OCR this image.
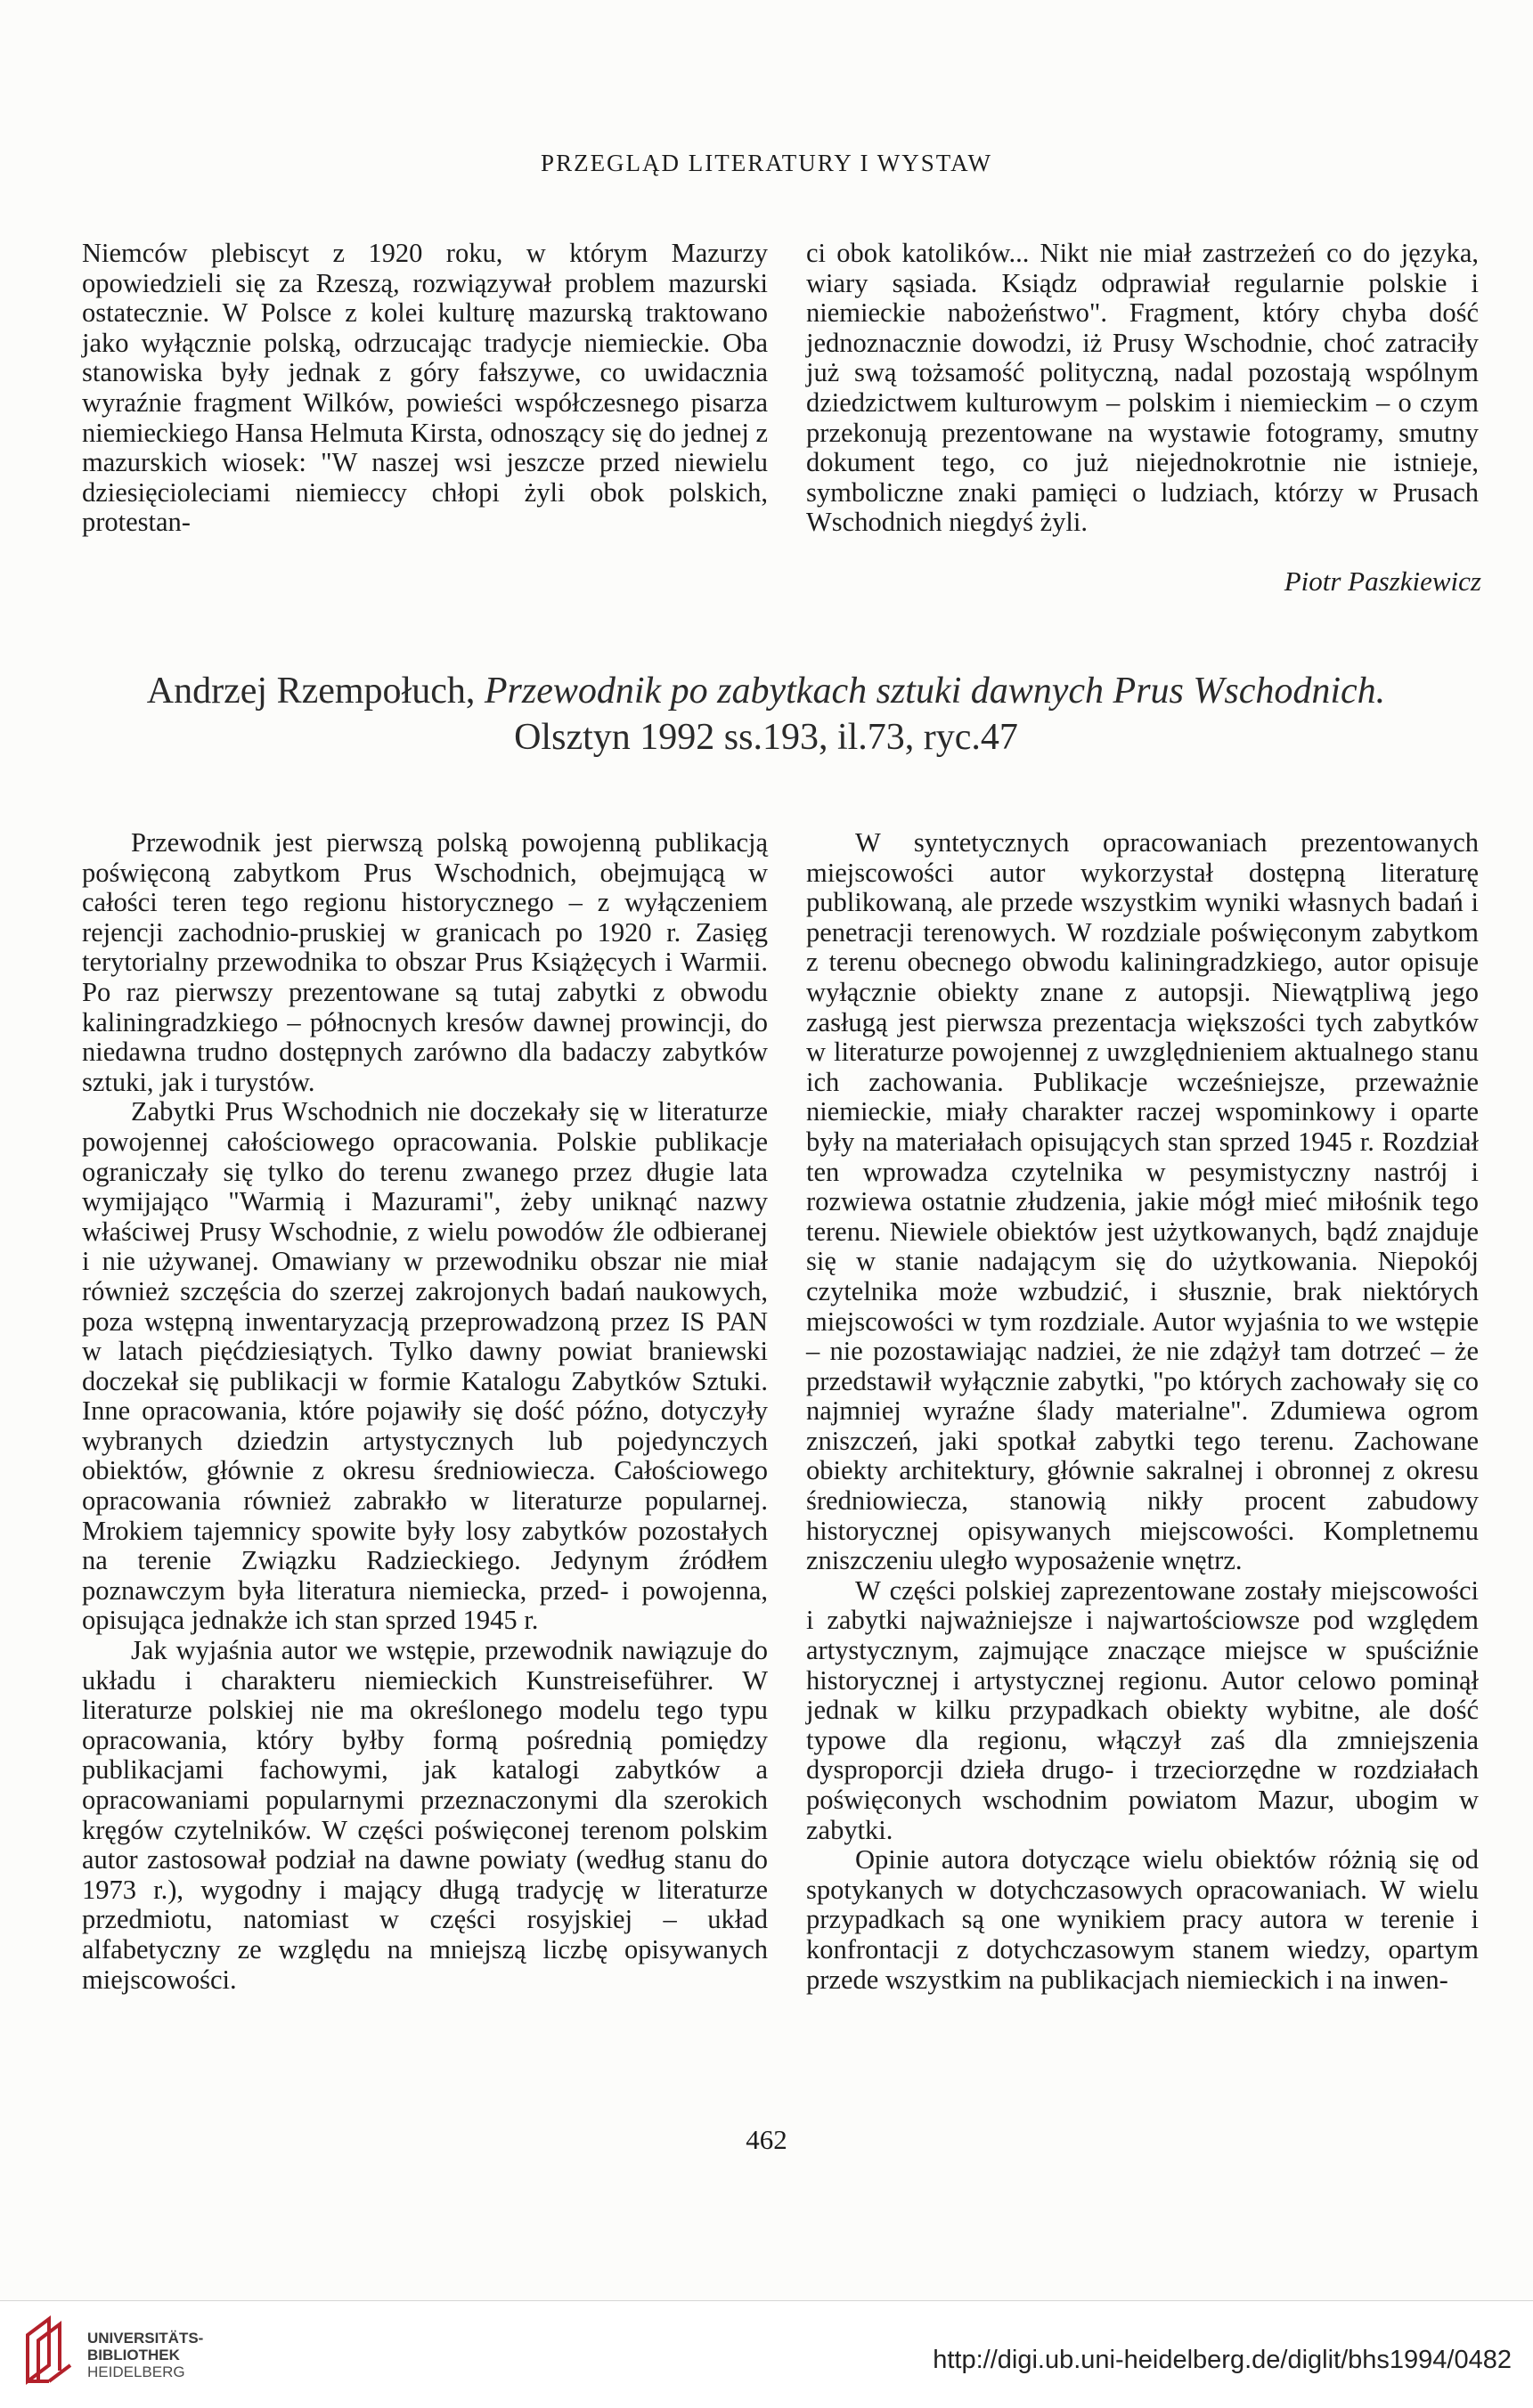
PRZEGLĄD LITERATURY I WYSTAW

Niemców plebiscyt z 1920 roku, w którym Mazurzy opowiedzieli się za Rzeszą, rozwiązywał problem mazurski ostatecznie. W Polsce z kolei kulturę mazurską traktowano jako wyłącznie polską, odrzucając tradycje niemieckie. Oba stanowiska były jednak z góry fałszywe, co uwidacznia wyraźnie fragment Wilków, powieści współczesnego pisarza niemieckiego Hansa Helmuta Kirsta, odnoszący się do jednej z mazurskich wiosek: "W naszej wsi jeszcze przed niewielu dziesięcioleciami niemieccy chłopi żyli obok polskich, protestan-

ci obok katolików... Nikt nie miał zastrzeżeń co do języka, wiary sąsiada. Ksiądz odprawiał regularnie polskie i niemieckie nabożeństwo". Fragment, który chyba dość jednoznacznie dowodzi, iż Prusy Wschodnie, choć zatraciły już swą tożsamość polityczną, nadal pozostają wspólnym dziedzictwem kulturowym – polskim i niemieckim – o czym przekonują prezentowane na wystawie fotogramy, smutny dokument tego, co już niejednokrotnie nie istnieje, symboliczne znaki pamięci o ludziach, którzy w Prusach Wschodnich niegdyś żyli.

Piotr Paszkiewicz
Andrzej Rzempołuch, Przewodnik po zabytkach sztuki dawnych Prus Wschodnich.
Olsztyn 1992 ss.193, il.73, ryc.47

Przewodnik jest pierwszą polską powojenną publikacją poświęconą zabytkom Prus Wschodnich, obejmującą w całości teren tego regionu historycznego – z wyłączeniem rejencji zachodnio-pruskiej w granicach po 1920 r. Zasięg terytorialny przewodnika to obszar Prus Książęcych i Warmii. Po raz pierwszy prezentowane są tutaj zabytki z obwodu kaliningradzkiego – północnych kresów dawnej prowincji, do niedawna trudno dostępnych zarówno dla badaczy zabytków sztuki, jak i turystów.

Zabytki Prus Wschodnich nie doczekały się w literaturze powojennej całościowego opracowania. Polskie publikacje ograniczały się tylko do terenu zwanego przez długie lata wymijająco "Warmią i Mazurami", żeby uniknąć nazwy właściwej Prusy Wschodnie, z wielu powodów źle odbieranej i nie używanej. Omawiany w przewodniku obszar nie miał również szczęścia do szerzej zakrojonych badań naukowych, poza wstępną inwentaryzacją przeprowadzoną przez IS PAN w latach pięćdziesiątych. Tylko dawny powiat braniewski doczekał się publikacji w formie Katalogu Zabytków Sztuki. Inne opracowania, które pojawiły się dość późno, dotyczyły wybranych dziedzin artystycznych lub pojedynczych obiektów, głównie z okresu średniowiecza. Całościowego opracowania również zabrakło w literaturze popularnej. Mrokiem tajemnicy spowite były losy zabytków pozostałych na terenie Związku Radzieckiego. Jedynym źródłem poznawczym była literatura niemiecka, przed- i powojenna, opisująca jednakże ich stan sprzed 1945 r.

Jak wyjaśnia autor we wstępie, przewodnik nawiązuje do układu i charakteru niemieckich Kunstreiseführer. W literaturze polskiej nie ma określonego modelu tego typu opracowania, który byłby formą pośrednią pomiędzy publikacjami fachowymi, jak katalogi zabytków a opracowaniami popularnymi przeznaczonymi dla szerokich kręgów czytelników. W części poświęconej terenom polskim autor zastosował podział na dawne powiaty (według stanu do 1973 r.), wygodny i mający długą tradycję w literaturze przedmiotu, natomiast w części rosyjskiej – układ alfabetyczny ze względu na mniejszą liczbę opisywanych miejscowości.

W syntetycznych opracowaniach prezentowanych miejscowości autor wykorzystał dostępną literaturę publikowaną, ale przede wszystkim wyniki własnych badań i penetracji terenowych. W rozdziale poświęconym zabytkom z terenu obecnego obwodu kaliningradzkiego, autor opisuje wyłącznie obiekty znane z autopsji. Niewątpliwą jego zasługą jest pierwsza prezentacja większości tych zabytków w literaturze powojennej z uwzględnieniem aktualnego stanu ich zachowania. Publikacje wcześniejsze, przeważnie niemieckie, miały charakter raczej wspominkowy i oparte były na materiałach opisujących stan sprzed 1945 r. Rozdział ten wprowadza czytelnika w pesymistyczny nastrój i rozwiewa ostatnie złudzenia, jakie mógł mieć miłośnik tego terenu. Niewiele obiektów jest użytkowanych, bądź znajduje się w stanie nadającym się do użytkowania. Niepokój czytelnika może wzbudzić, i słusznie, brak niektórych miejscowości w tym rozdziale. Autor wyjaśnia to we wstępie – nie pozostawiając nadziei, że nie zdążył tam dotrzeć – że przedstawił wyłącznie zabytki, "po których zachowały się co najmniej wyraźne ślady materialne". Zdumiewa ogrom zniszczeń, jaki spotkał zabytki tego terenu. Zachowane obiekty architektury, głównie sakralnej i obronnej z okresu średniowiecza, stanowią nikły procent zabudowy historycznej opisywanych miejscowości. Kompletnemu zniszczeniu uległo wyposażenie wnętrz.

W części polskiej zaprezentowane zostały miejscowości i zabytki najważniejsze i najwartościowsze pod względem artystycznym, zajmujące znaczące miejsce w spuściźnie historycznej i artystycznej regionu. Autor celowo pominął jednak w kilku przypadkach obiekty wybitne, ale dość typowe dla regionu, włączył zaś dla zmniejszenia dysproporcji dzieła drugo- i trzeciorzędne w rozdziałach poświęconych wschodnim powiatom Mazur, ubogim w zabytki.

Opinie autora dotyczące wielu obiektów różnią się od spotykanych w dotychczasowych opracowaniach. W wielu przypadkach są one wynikiem pracy autora w terenie i konfrontacji z dotychczasowym stanem wiedzy, opartym przede wszystkim na publikacjach niemieckich i na inwen-

462
UNIVERSITÄTS-
BIBLIOTHEK
HEIDELBERG	http://digi.ub.uni-heidelberg.de/diglit/bhs1994/0482
